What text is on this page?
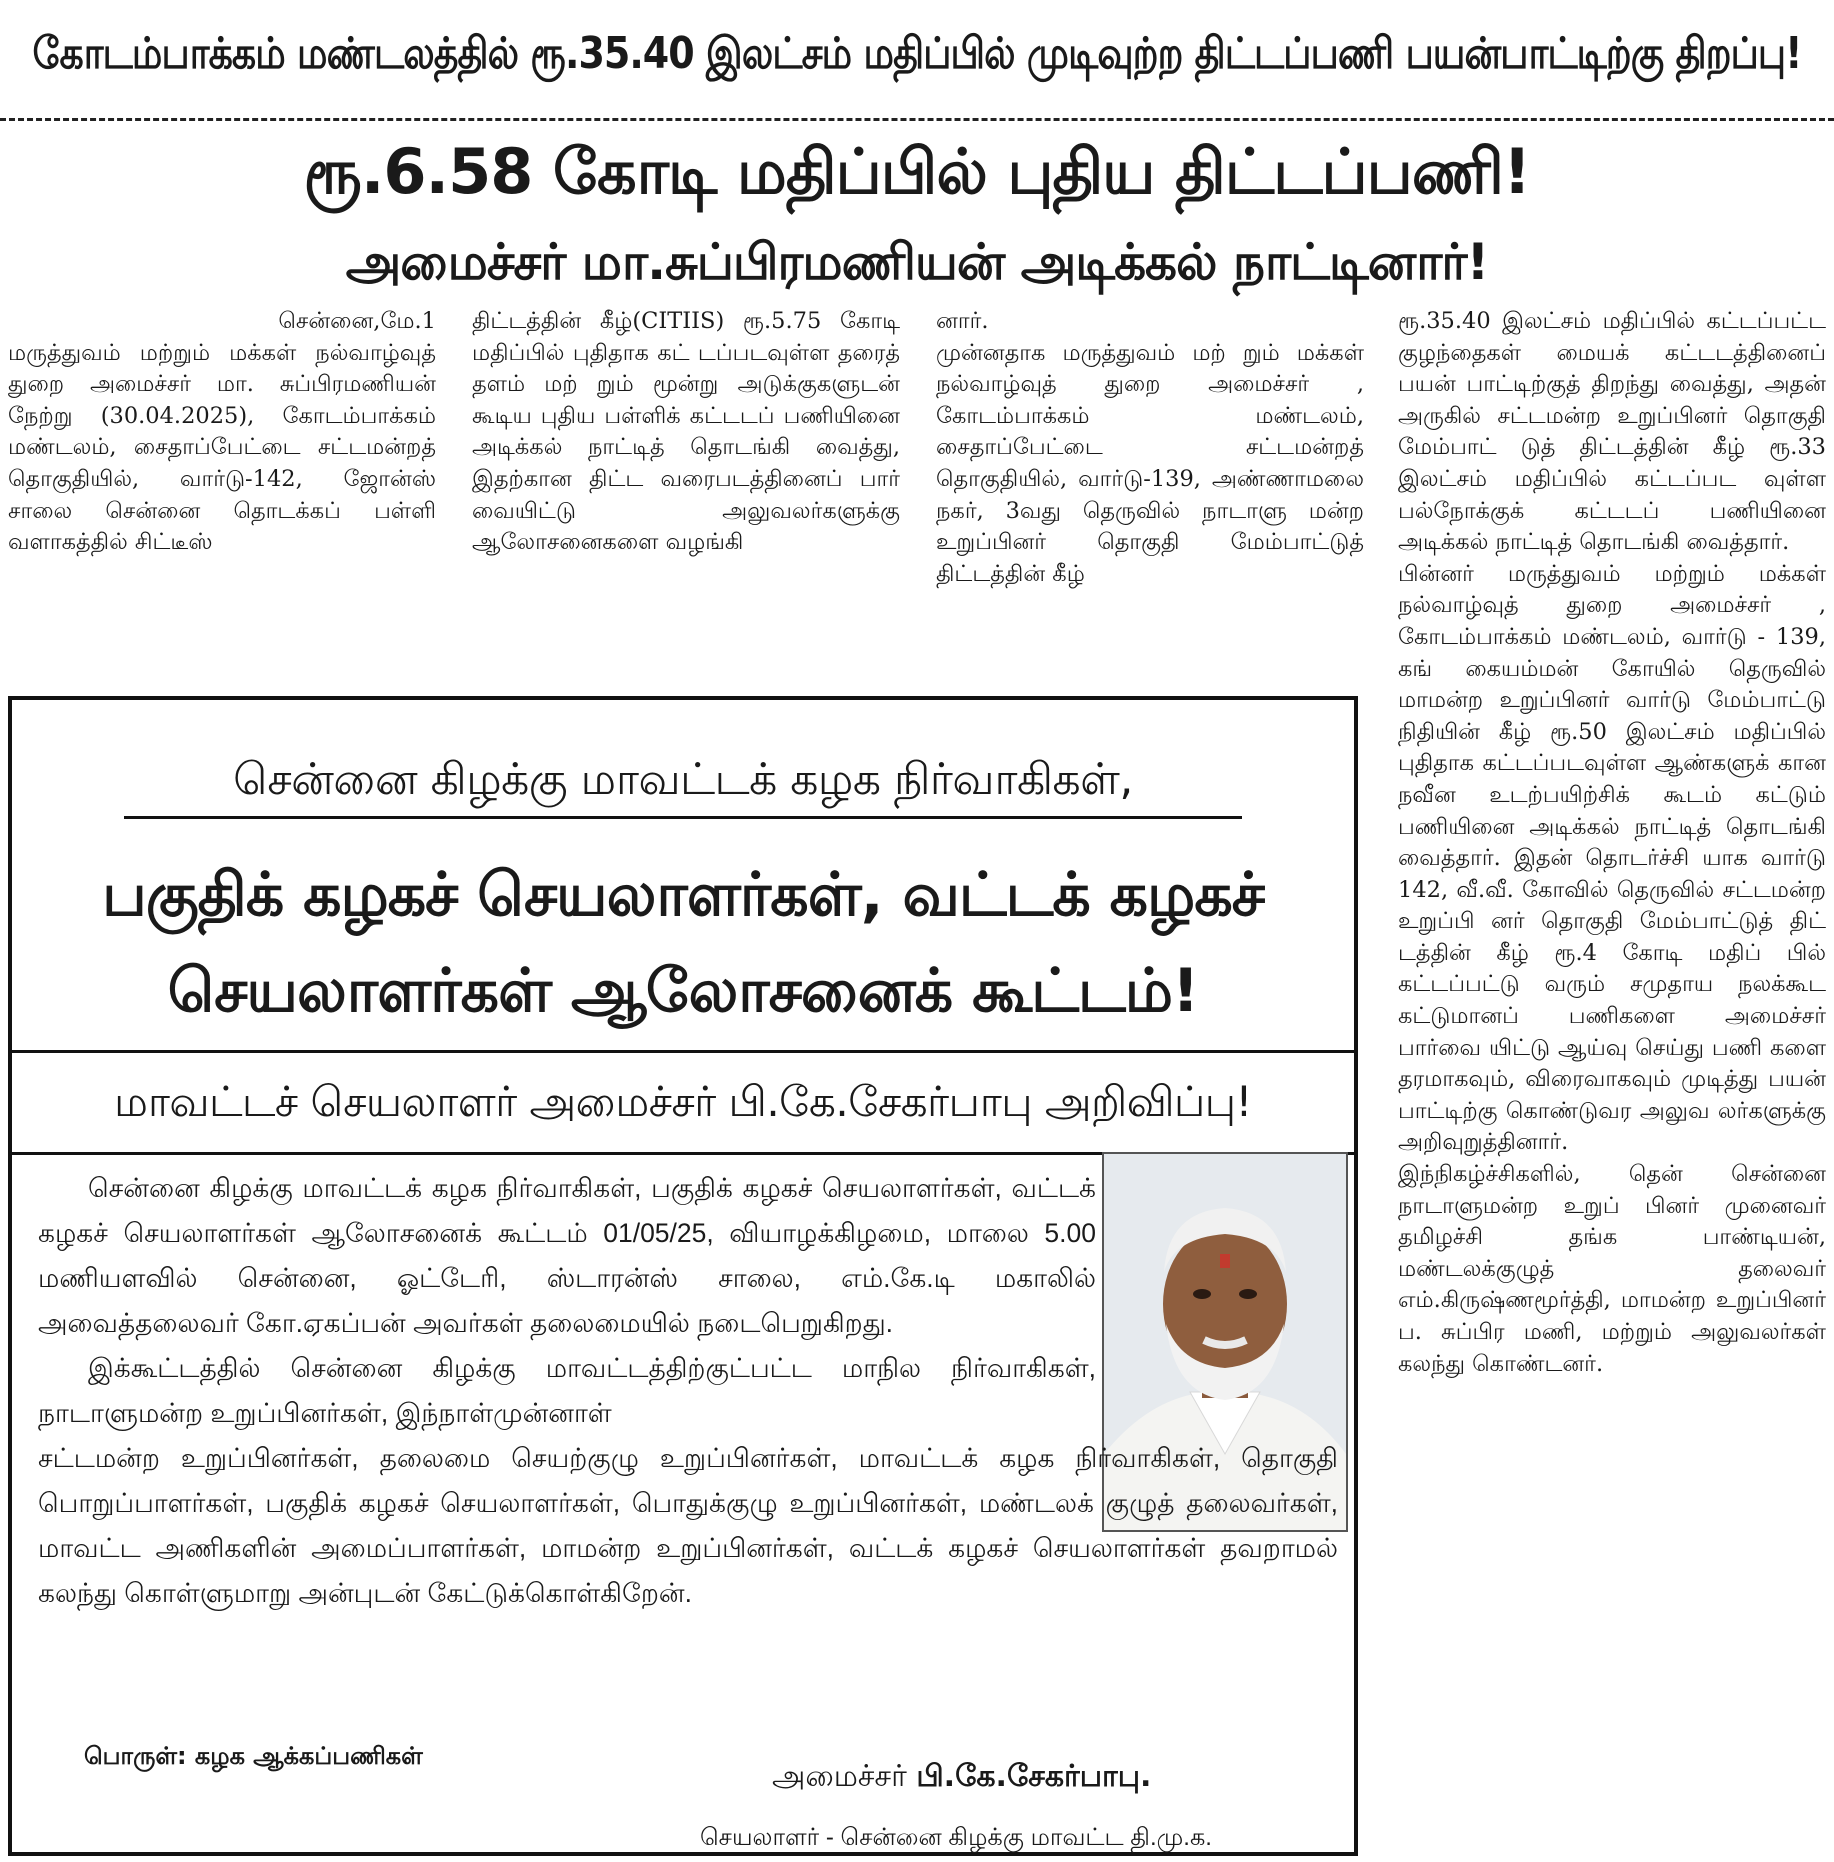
கோடம்பாக்கம் மண்டலத்தில் ரூ.35.40 இலட்சம் மதிப்பில் முடிவுற்ற திட்டப்பணி பயன்பாட்டிற்கு திறப்பு!
ரூ.6.58 கோடி மதிப்பில் புதிய திட்டப்பணி!
அமைச்சர் மா.சுப்பிரமணியன் அடிக்கல் நாட்டினார்!
சென்னை,மே.1
மருத்துவம் மற்றும் மக்கள் நல்வாழ்வுத் துறை அமைச்சர் மா. சுப்பிரமணியன் நேற்று (30.04.2025), கோடம்பாக்கம் மண்டலம், சைதாப்பேட்டை சட்டமன்றத் தொகுதியில், வார்டு-142, ஜோன்ஸ் சாலை சென்னை தொடக்கப் பள்ளி வளாகத்தில் சிட்டீஸ்
திட்டத்தின் கீழ்(CITIIS) ரூ.5.75 கோடி மதிப்பில் புதிதாக கட் டப்படவுள்ள தரைத் தளம் மற் றும் மூன்று அடுக்குகளுடன் கூடிய புதிய பள்ளிக் கட்டடப் பணியினை அடிக்கல் நாட்டித் தொடங்கி வைத்து, இதற்கான திட்ட வரைபடத்தினைப் பார் வையிட்டு அலுவலர்களுக்கு ஆலோசனைகளை வழங்கி
னார்.
முன்னதாக மருத்துவம் மற் றும் மக்கள் நல்வாழ்வுத் துறை அமைச்சர் , கோடம்பாக்கம் மண்டலம், சைதாப்பேட்டை சட்டமன்றத் தொகுதியில், வார்டு-139, அண்ணாமலை நகர், 3வது தெருவில் நாடாளு மன்ற உறுப்பினர் தொகுதி மேம்பாட்டுத் திட்டத்தின் கீழ்
ரூ.35.40 இலட்சம் மதிப்பில் கட்டப்பட்ட குழந்தைகள் மையக் கட்டடத்தினைப் பயன் பாட்டிற்குத் திறந்து வைத்து, அதன் அருகில் சட்டமன்ற உறுப்பினர் தொகுதி மேம்பாட் டுத் திட்டத்தின் கீழ் ரூ.33 இலட்சம் மதிப்பில் கட்டப்பட வுள்ள பல்நோக்குக் கட்டடப் பணியினை அடிக்கல் நாட்டித் தொடங்கி வைத்தார்.
பின்னர் மருத்துவம் மற்றும் மக்கள் நல்வாழ்வுத் துறை அமைச்சர் , கோடம்பாக்கம் மண்டலம், வார்டு - 139, கங் கையம்மன் கோயில் தெருவில் மாமன்ற உறுப்பினர் வார்டு மேம்பாட்டு நிதியின் கீழ் ரூ.50 இலட்சம் மதிப்பில் புதிதாக கட்டப்படவுள்ள ஆண்களுக் கான நவீன உடற்பயிற்சிக் கூடம் கட்டும் பணியினை அடிக்கல் நாட்டித் தொடங்கி வைத்தார். இதன் தொடர்ச்சி யாக வார்டு 142, வீ.வீ. கோவில் தெருவில் சட்டமன்ற உறுப்பி னர் தொகுதி மேம்பாட்டுத் திட் டத்தின் கீழ் ரூ.4 கோடி மதிப் பில் கட்டப்பட்டு வரும் சமுதாய நலக்கூட கட்டுமானப் பணிகளை அமைச்சர் பார்வை யிட்டு ஆய்வு செய்து பணி களை தரமாகவும், விரைவாகவும் முடித்து பயன் பாட்டிற்கு கொண்டுவர அலுவ லர்களுக்கு அறிவுறுத்தினார்.
இந்நிகழ்ச்சிகளில், தென் சென்னை நாடாளுமன்ற உறுப் பினர் முனைவர் தமிழச்சி தங்க பாண்டியன், மண்டலக்குழுத் தலைவர் எம்.கிருஷ்ணமூர்த்தி, மாமன்ற உறுப்பினர் ப. சுப்பிர மணி, மற்றும் அலுவலர்கள் கலந்து கொண்டனர்.
சென்னை கிழக்கு மாவட்டக் கழக நிர்வாகிகள்,
பகுதிக் கழகச் செயலாளர்கள், வட்டக் கழகச்
செயலாளர்கள் ஆலோசனைக் கூட்டம்!
மாவட்டச் செயலாளர் அமைச்சர் பி.கே.சேகர்பாபு அறிவிப்பு!

சென்னை கிழக்கு மாவட்டக் கழக நிர்வாகிகள், பகுதிக் கழகச் செயலாளர்கள், வட்டக் கழகச் செயலாளர்கள் ஆலோசனைக் கூட்டம் 01/05/25, வியாழக்கிழமை, மாலை 5.00 மணியளவில் சென்னை, ஓட்டேரி, ஸ்டாரன்ஸ் சாலை, எம்.கே.டி மகாலில் அவைத்தலைவர் கோ.ஏகப்பன் அவர்கள் தலைமையில் நடைபெறுகிறது.

இக்கூட்டத்தில் சென்னை கிழக்கு மாவட்டத்திற்குட்பட்ட மாநில நிர்வாகிகள், நாடாளுமன்ற உறுப்பினர்கள், இந்நாள்முன்னாள்

சட்டமன்ற உறுப்பினர்கள், தலைமை செயற்குழு உறுப்பினர்கள், மாவட்டக் கழக நிர்வாகிகள், தொகுதி பொறுப்பாளர்கள், பகுதிக் கழகச் செயலாளர்கள், பொதுக்குழு உறுப்பினர்கள், மண்டலக் குழுத் தலைவர்கள், மாவட்ட அணிகளின் அமைப்பாளர்கள், மாமன்ற உறுப்பினர்கள், வட்டக் கழகச் செயலாளர்கள் தவறாமல் கலந்து கொள்ளுமாறு அன்புடன் கேட்டுக்கொள்கிறேன்.

பொருள்: கழக ஆக்கப்பணிகள்
அமைச்சர் பி.கே.சேகர்பாபு.
செயலாளர் - சென்னை கிழக்கு மாவட்ட தி.மு.க.
